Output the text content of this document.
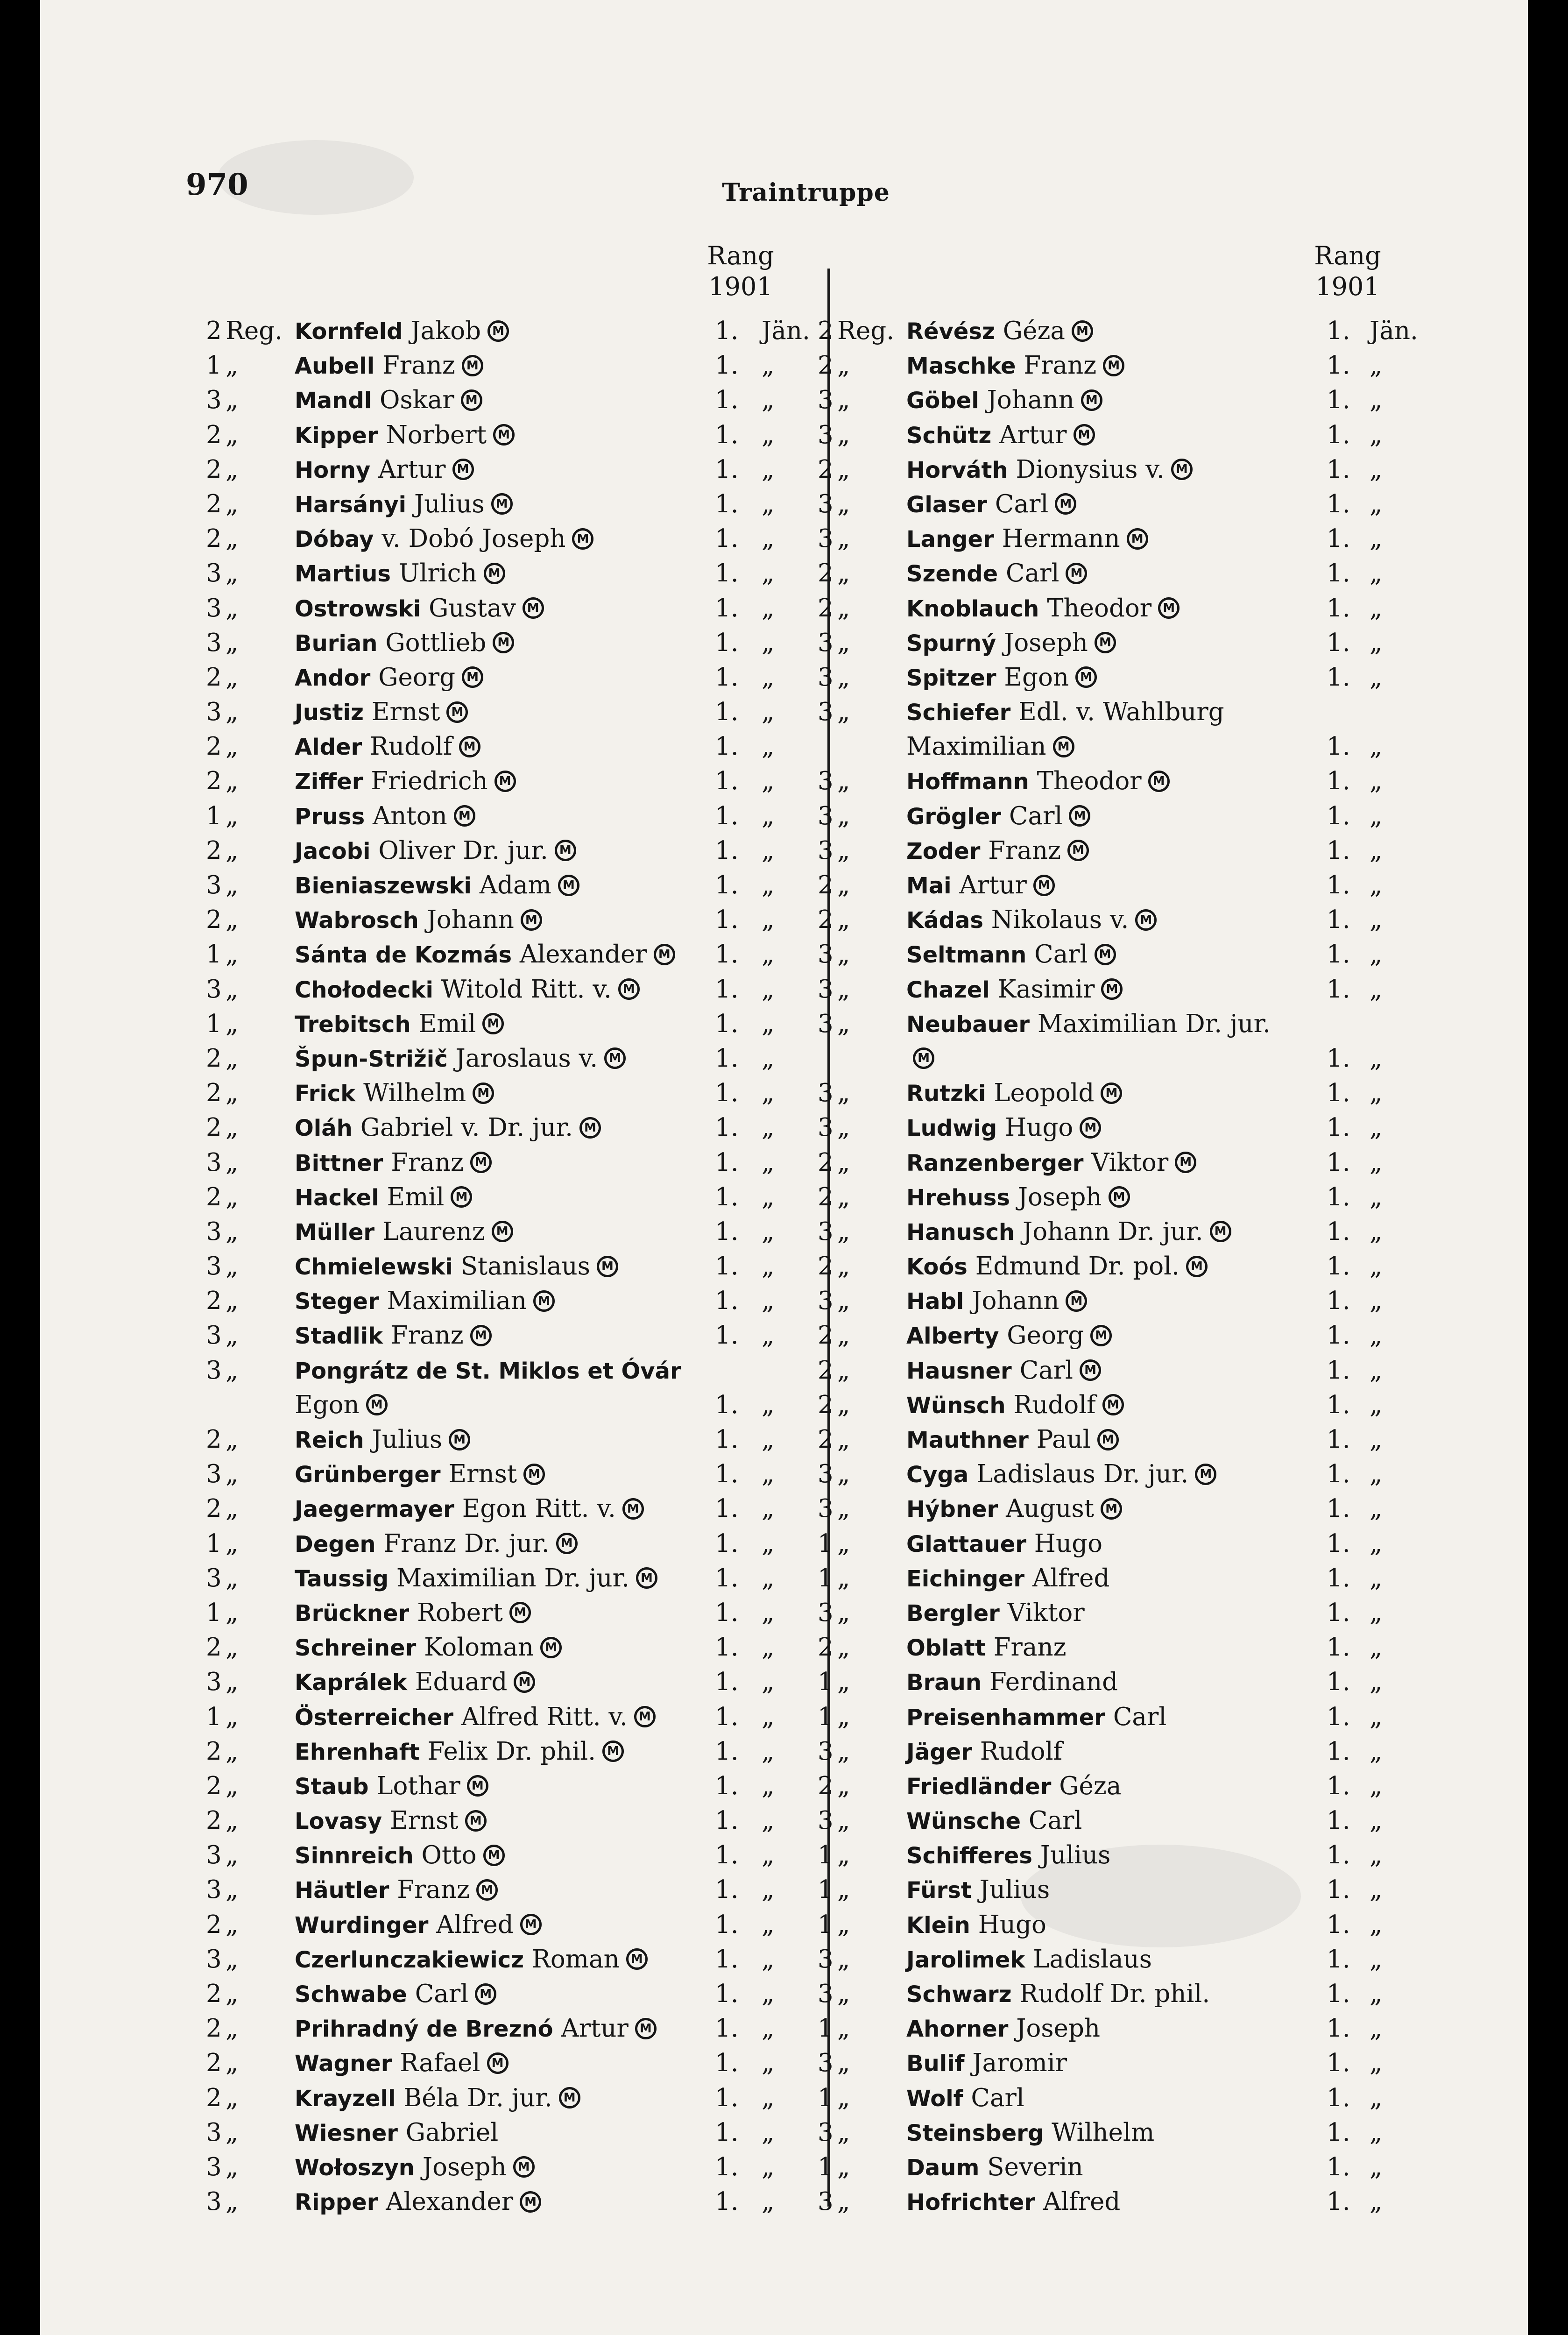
970	Traintruppe
Rang
1901
Rang
1901
2 Reg. Kornfeld Jakob M	1. Jän.
1 „	Aubell Franz M	1. „
3 „	Mandl Oskar M	1. „
2 „	Kipper Norbert M	1. „
2 „	Horny Artur M	1. „
2 „	Harsányi Julius M	1. „
2 „	Dóbay v. Dobó Joseph M	1. „
3 „	Martius Ulrich M	1. „
3 „	Ostrowski Gustav M	1. „
3 „	Burian Gottlieb M	1. „
2 „	Andor Georg M	1. „
3 „	Justiz Ernst M	1. „
2 „	Alder Rudolf M	1. „
2 „	Ziffer Friedrich M	1. „
1 „	Pruss Anton M	1. „
2 „	Jacobi Oliver Dr. jur. M	1. „
3 „	Bieniaszewski Adam M	1. „
2 „	Wabrosch Johann M	1. „
1 „	Sánta de Kozmás Alexander M 1. „
3 „	Chołodecki Witold Ritt. v. M	1. „
1 „	Trebitsch Emil M	1. „
2 „	Špun-Strižič Jaroslaus v. M	1. „
2 „	Frick Wilhelm M	1. „
2 „	Oláh Gabriel v. Dr. jur. M	1. „
3 „	Bittner Franz M	1. „
2 „	Hackel Emil M	1. „
3 „	Müller Laurenz M	1. „
3 „	Chmielewski Stanislaus M	1. „
2 „	Steger Maximilian M	1. „
3 „	Stadlik Franz M	1. „
3 „	Pongrátz de St. Miklos et Óvár
Egon M	1. „
2 „	Reich Julius M	1. „
3 „	Grünberger Ernst M	1. „
2 „	Jaegermayer Egon Ritt. v. M	1. „
1 „	Degen Franz Dr. jur. M	1. „
3 „	Taussig Maximilian Dr. jur. M	1. „
1 „	Brückner Robert M	1. „
2 „	Schreiner Koloman M	1. „
3 „	Kaprálek Eduard M	1. „
1 „	Österreicher Alfred Ritt. v. M	1. „
2 „	Ehrenhaft Felix Dr. phil. M	1. „
2 „	Staub Lothar M	1. „
2 „	Lovasy Ernst M	1. „
3 „	Sinnreich Otto M	1. „
3 „	Häutler Franz M	1. „
2 „	Wurdinger Alfred M	1. „
3 „	Czerlunczakiewicz Roman M	1. „
2 „	Schwabe Carl M	1. „
2 „	Prihradný de Breznó Artur M	1. „
2 „	Wagner Rafael M	1. „
2 „	Krayzell Béla Dr. jur. M	1. „
3 „	Wiesner Gabriel	1. „
3 „	Wołoszyn Joseph M	1. „
3 „	Ripper Alexander M	1. „
2 Reg. Révész Géza M	1. Jän.
2 „	Maschke Franz M	1. „
3 „	Göbel Johann M	1. „
3 „	Schütz Artur M	1. „
2 „	Horváth Dionysius v. M	1. „
3 „	Glaser Carl M	1. „
3 „	Langer Hermann M	1. „
2 „	Szende Carl M	1. „
2 „	Knoblauch Theodor M	1. „
3 „	Spurný Joseph M	1. „
3 „	Spitzer Egon M	1. „
3 „	Schiefer Edl. v. Wahlburg
Maximilian M	1. „
3 „	Hoffmann Theodor M	1. „
3 „	Grögler Carl M	1. „
3 „	Zoder Franz M	1. „
2 „	Mai Artur M	1. „
2 „	Kádas Nikolaus v. M	1. „
3 „	Seltmann Carl M	1. „
3 „	Chazel Kasimir M	1. „
3 „	Neubauer Maximilian Dr. jur.
M	1. „
3 „	Rutzki Leopold M	1. „
3 „	Ludwig Hugo M	1. „
2 „	Ranzenberger Viktor M	1. „
2 „	Hrehuss Joseph M	1. „
3 „	Hanusch Johann Dr. jur. M	1. „
2 „	Koós Edmund Dr. pol. M	1. „
3 „	Habl Johann M	1. „
2 „	Alberty Georg M	1. „
2 „	Hausner Carl M	1. „
2 „	Wünsch Rudolf M	1. „
2 „	Mauthner Paul M	1. „
3 „	Cyga Ladislaus Dr. jur. M	1. „
3 „	Hýbner August M	1. „
1 „	Glattauer Hugo	1. „
1 „	Eichinger Alfred	1. „
3 „	Bergler Viktor	1. „
2 „	Oblatt Franz	1. „
1 „	Braun Ferdinand	1. „
1 „	Preisenhammer Carl	1. „
3 „	Jäger Rudolf	1. „
2 „	Friedländer Géza	1. „
3 „	Wünsche Carl	1. „
1 „	Schifferes Julius	1. „
1 „	Fürst Julius	1. „
1 „	Klein Hugo	1. „
3 „	Jarolimek Ladislaus	1. „
3 „	Schwarz Rudolf Dr. phil.	1. „
1 „	Ahorner Joseph	1. „
3 „	Bulif Jaromir	1. „
1 „	Wolf Carl	1. „
3 „	Steinsberg Wilhelm	1. „
1 „	Daum Severin	1. „
3 „	Hofrichter Alfred	1. „
